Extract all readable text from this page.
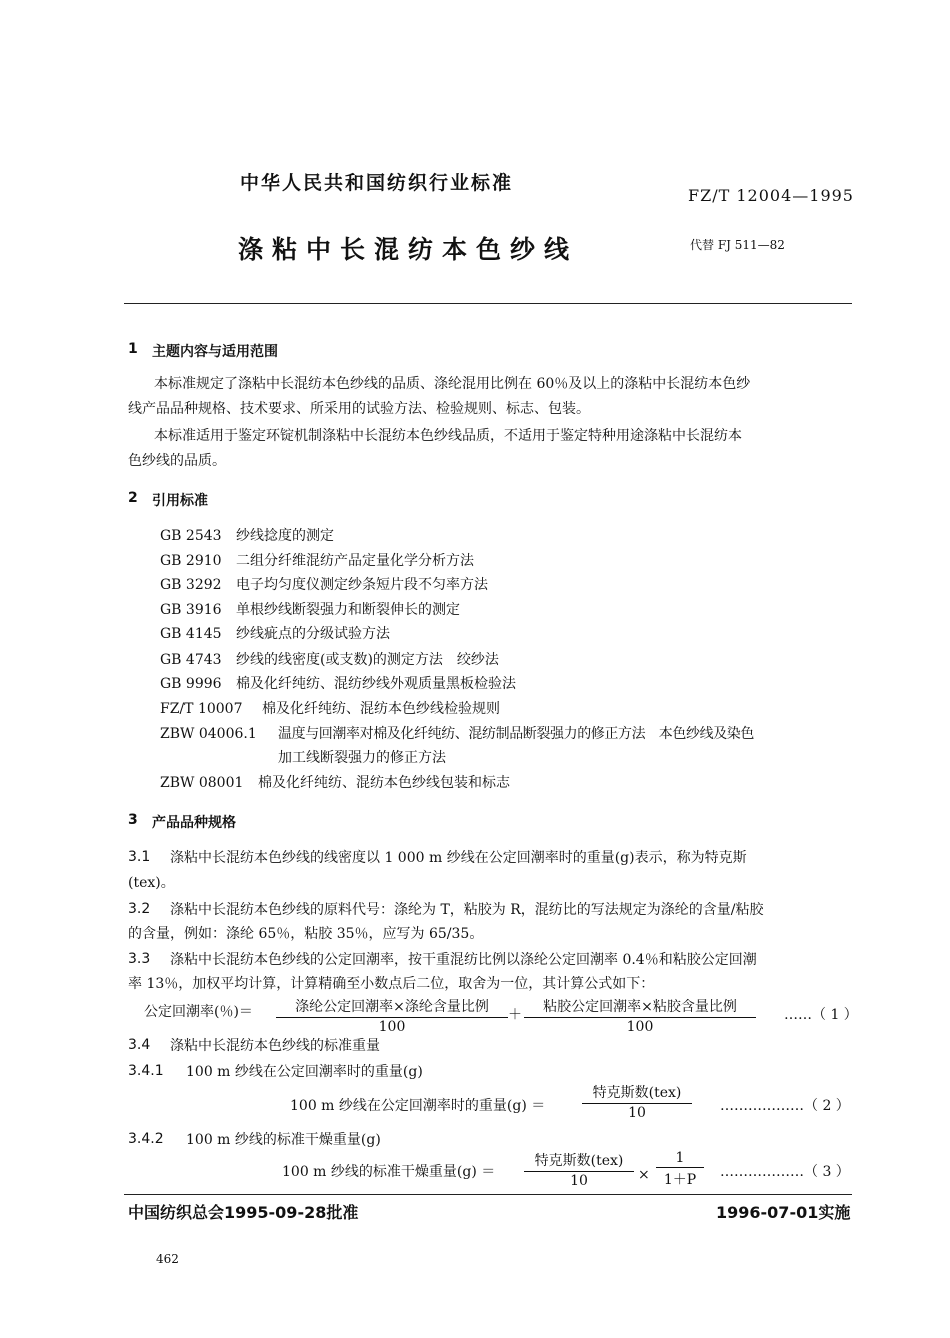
中华人民共和国纺织行业标准
FZ/T 12004—1995
涤粘中长混纺本色纱线	代替 FJ 511—82
1 主题内容与适用范围
本标准规定了涤粘中长混纺本色纱线的品质、涤纶混用比例在 60％及以上的涤粘中长混纺本色纱
线产品品种规格、技术要求、所采用的试验方法、检验规则、标志、包装。
本标准适用于鉴定环锭机制涤粘中长混纺本色纱线品质，不适用于鉴定特种用途涤粘中长混纺本
色纱线的品质。
2 引用标准
GB 2543 纱线捻度的测定
GB 2910 二组分纤维混纺产品定量化学分析方法
GB 3292 电子均匀度仪测定纱条短片段不匀率方法
GB 3916 单根纱线断裂强力和断裂伸长的测定
GB 4145 纱线疵点的分级试验方法
GB 4743 纱线的线密度(或支数)的测定方法　绞纱法
GB 9996 棉及化纤纯纺、混纺纱线外观质量黑板检验法
FZ/T 10007 棉及化纤纯纺、混纺本色纱线检验规则
ZBW 04006.1 温度与回潮率对棉及化纤纯纺、混纺制品断裂强力的修正方法　本色纱线及染色
加工线断裂强力的修正方法
ZBW 08001 棉及化纤纯纺、混纺本色纱线包装和标志
3 产品品种规格
3.1 涤粘中长混纺本色纱线的线密度以 1 000 m 纱线在公定回潮率时的重量(g)表示，称为特克斯
(tex)。
3.2 涤粘中长混纺本色纱线的原料代号：涤纶为 T，粘胶为 R，混纺比的写法规定为涤纶的含量/粘胶
的含量，例如：涤纶 65％，粘胶 35％，应写为 65/35。
3.3 涤粘中长混纺本色纱线的公定回潮率，按干重混纺比例以涤纶公定回潮率 0.4％和粘胶公定回潮
率 13％，加权平均计算，计算精确至小数点后二位，取舍为一位，其计算公式如下：
公定回潮率(％)＝	涤纶公定回潮率×涤纶含量比例
100
＋	粘胶公定回潮率×粘胶含量比例
100
……（ 1 ）
3.4 涤粘中长混纺本色纱线的标准重量
3.4.1 100 m 纱线在公定回潮率时的重量(g)
100 m 纱线在公定回潮率时的重量(g) ＝
特克斯数(tex)
10	………………（ 2 ）
3.4.2 100 m 纱线的标准干燥重量(g)
100 m 纱线的标准干燥重量(g) ＝
特克斯数(tex)
10	× $\frac{1}{1+P}$ ………………（ 3 ）
中国纺织总会1995-09-28批准	1996-07-01实施
462
